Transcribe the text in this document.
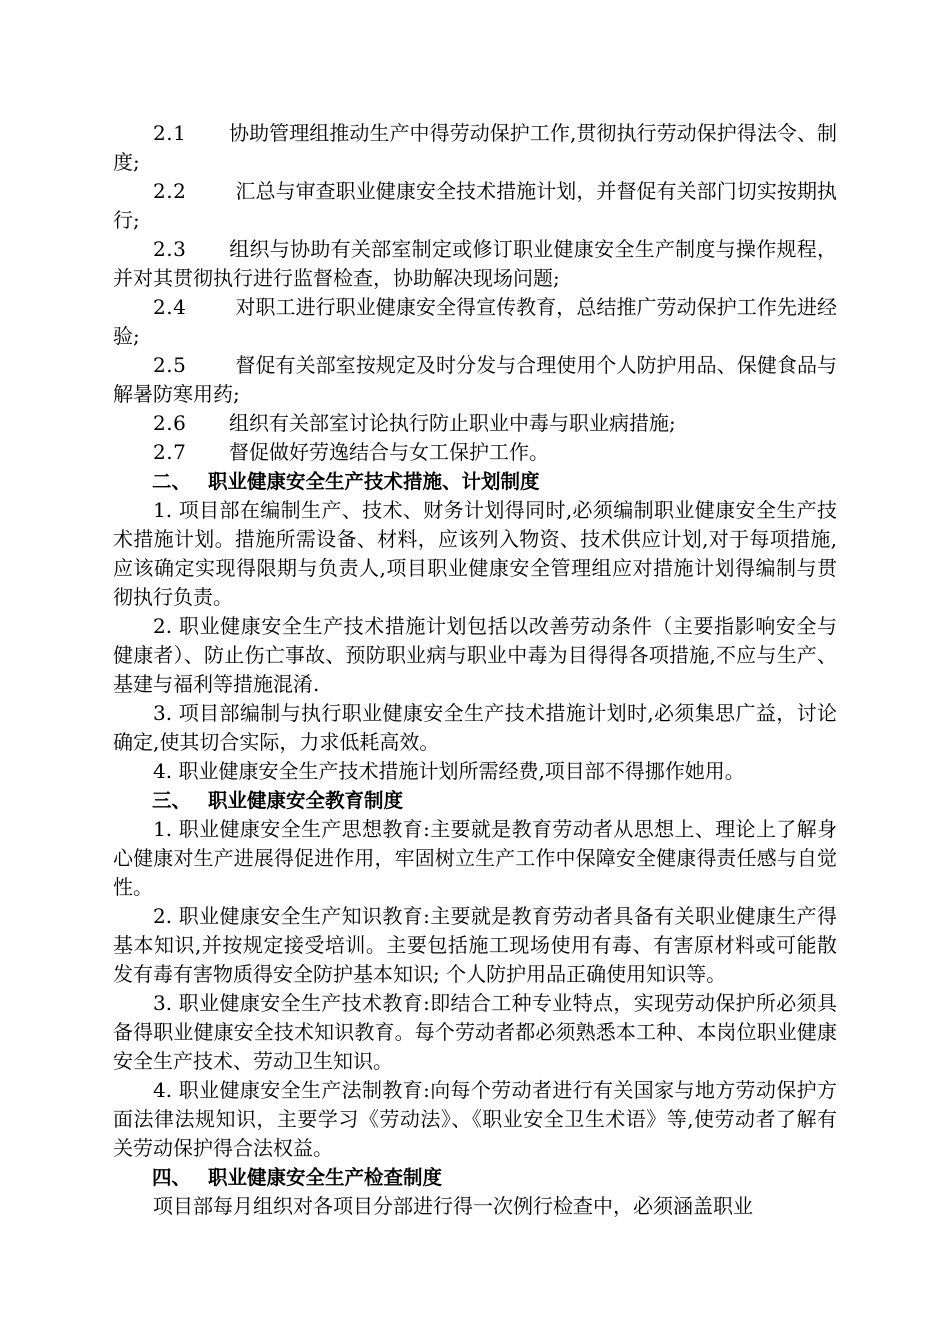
2.1 协助管理组推动生产中得劳动保护工作,贯彻执行劳动保护得法令、制度;

2.2 汇总与审查职业健康安全技术措施计划，并督促有关部门切实按期执行;

2.3 组织与协助有关部室制定或修订职业健康安全生产制度与操作规程，并对其贯彻执行进行监督检查，协助解决现场问题;

2.4 对职工进行职业健康安全得宣传教育，总结推广劳动保护工作先进经验;

2.5 督促有关部室按规定及时分发与合理使用个人防护用品、保健食品与解暑防寒用药;

2.6 组织有关部室讨论执行防止职业中毒与职业病措施;

2.7 督促做好劳逸结合与女工保护工作。

二、 职业健康安全生产技术措施、计划制度

1. 项目部在编制生产、技术、财务计划得同时,必须编制职业健康安全生产技术措施计划。措施所需设备、材料，应该列入物资、技术供应计划,对于每项措施,应该确定实现得限期与负责人,项目职业健康安全管理组应对措施计划得编制与贯彻执行负责。

2. 职业健康安全生产技术措施计划包括以改善劳动条件（主要指影响安全与健康者）、防止伤亡事故、预防职业病与职业中毒为目得得各项措施,不应与生产、基建与福利等措施混淆.

3. 项目部编制与执行职业健康安全生产技术措施计划时,必须集思广益，讨论确定,使其切合实际，力求低耗高效。

4. 职业健康安全生产技术措施计划所需经费,项目部不得挪作她用。

三、 职业健康安全教育制度

1. 职业健康安全生产思想教育:主要就是教育劳动者从思想上、理论上了解身心健康对生产进展得促进作用，牢固树立生产工作中保障安全健康得责任感与自觉性。

2. 职业健康安全生产知识教育:主要就是教育劳动者具备有关职业健康生产得基本知识,并按规定接受培训。主要包括施工现场使用有毒、有害原材料或可能散发有毒有害物质得安全防护基本知识; 个人防护用品正确使用知识等。

3. 职业健康安全生产技术教育:即结合工种专业特点，实现劳动保护所必须具备得职业健康安全技术知识教育。每个劳动者都必须熟悉本工种、本岗位职业健康安全生产技术、劳动卫生知识。

4. 职业健康安全生产法制教育:向每个劳动者进行有关国家与地方劳动保护方面法律法规知识，主要学习《劳动法》、《职业安全卫生术语》等,使劳动者了解有关劳动保护得合法权益。

四、 职业健康安全生产检查制度

项目部每月组织对各项目分部进行得一次例行检查中，必须涵盖职业
